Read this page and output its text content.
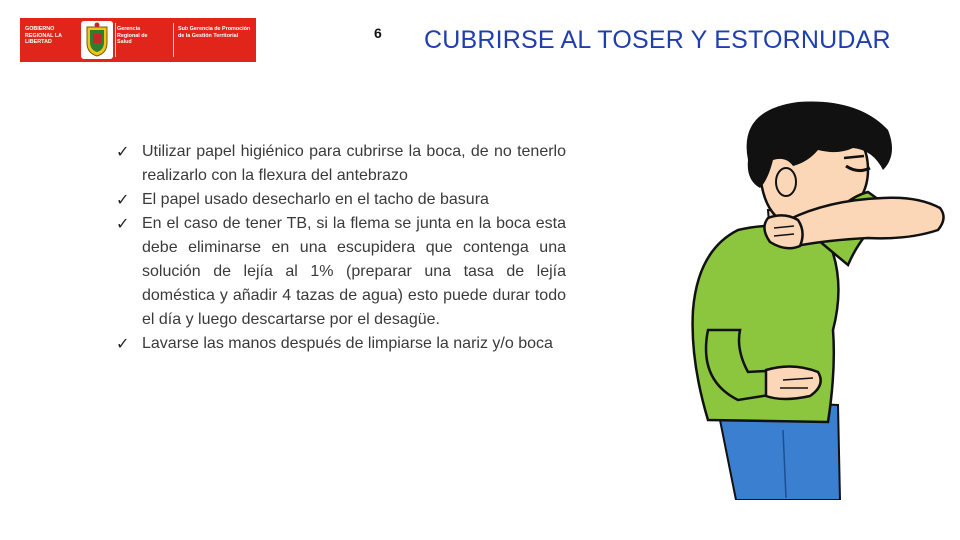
GOBIERNO REGIONAL LA LIBERTAD
Gerencia Regional de Salud
Sub Gerencia de Promoción de la Gestión Territorial	6 CUBRIRSE AL TOSER Y ESTORNUDAR
✓ Utilizar papel higiénico para cubrirse la boca, de no tenerlo realizarlo con la flexura del antebrazo
✓ El papel usado desecharlo en el tacho de basura
✓ En el caso de tener TB, si la flema se junta en la boca esta debe eliminarse en una escupidera que contenga una solución de lejía al 1% (preparar una tasa de lejía doméstica y añadir 4 tazas de agua) esto puede durar todo el día y luego descartarse por el desagüe.
✓ Lavarse las manos después de limpiarse la nariz y/o boca
